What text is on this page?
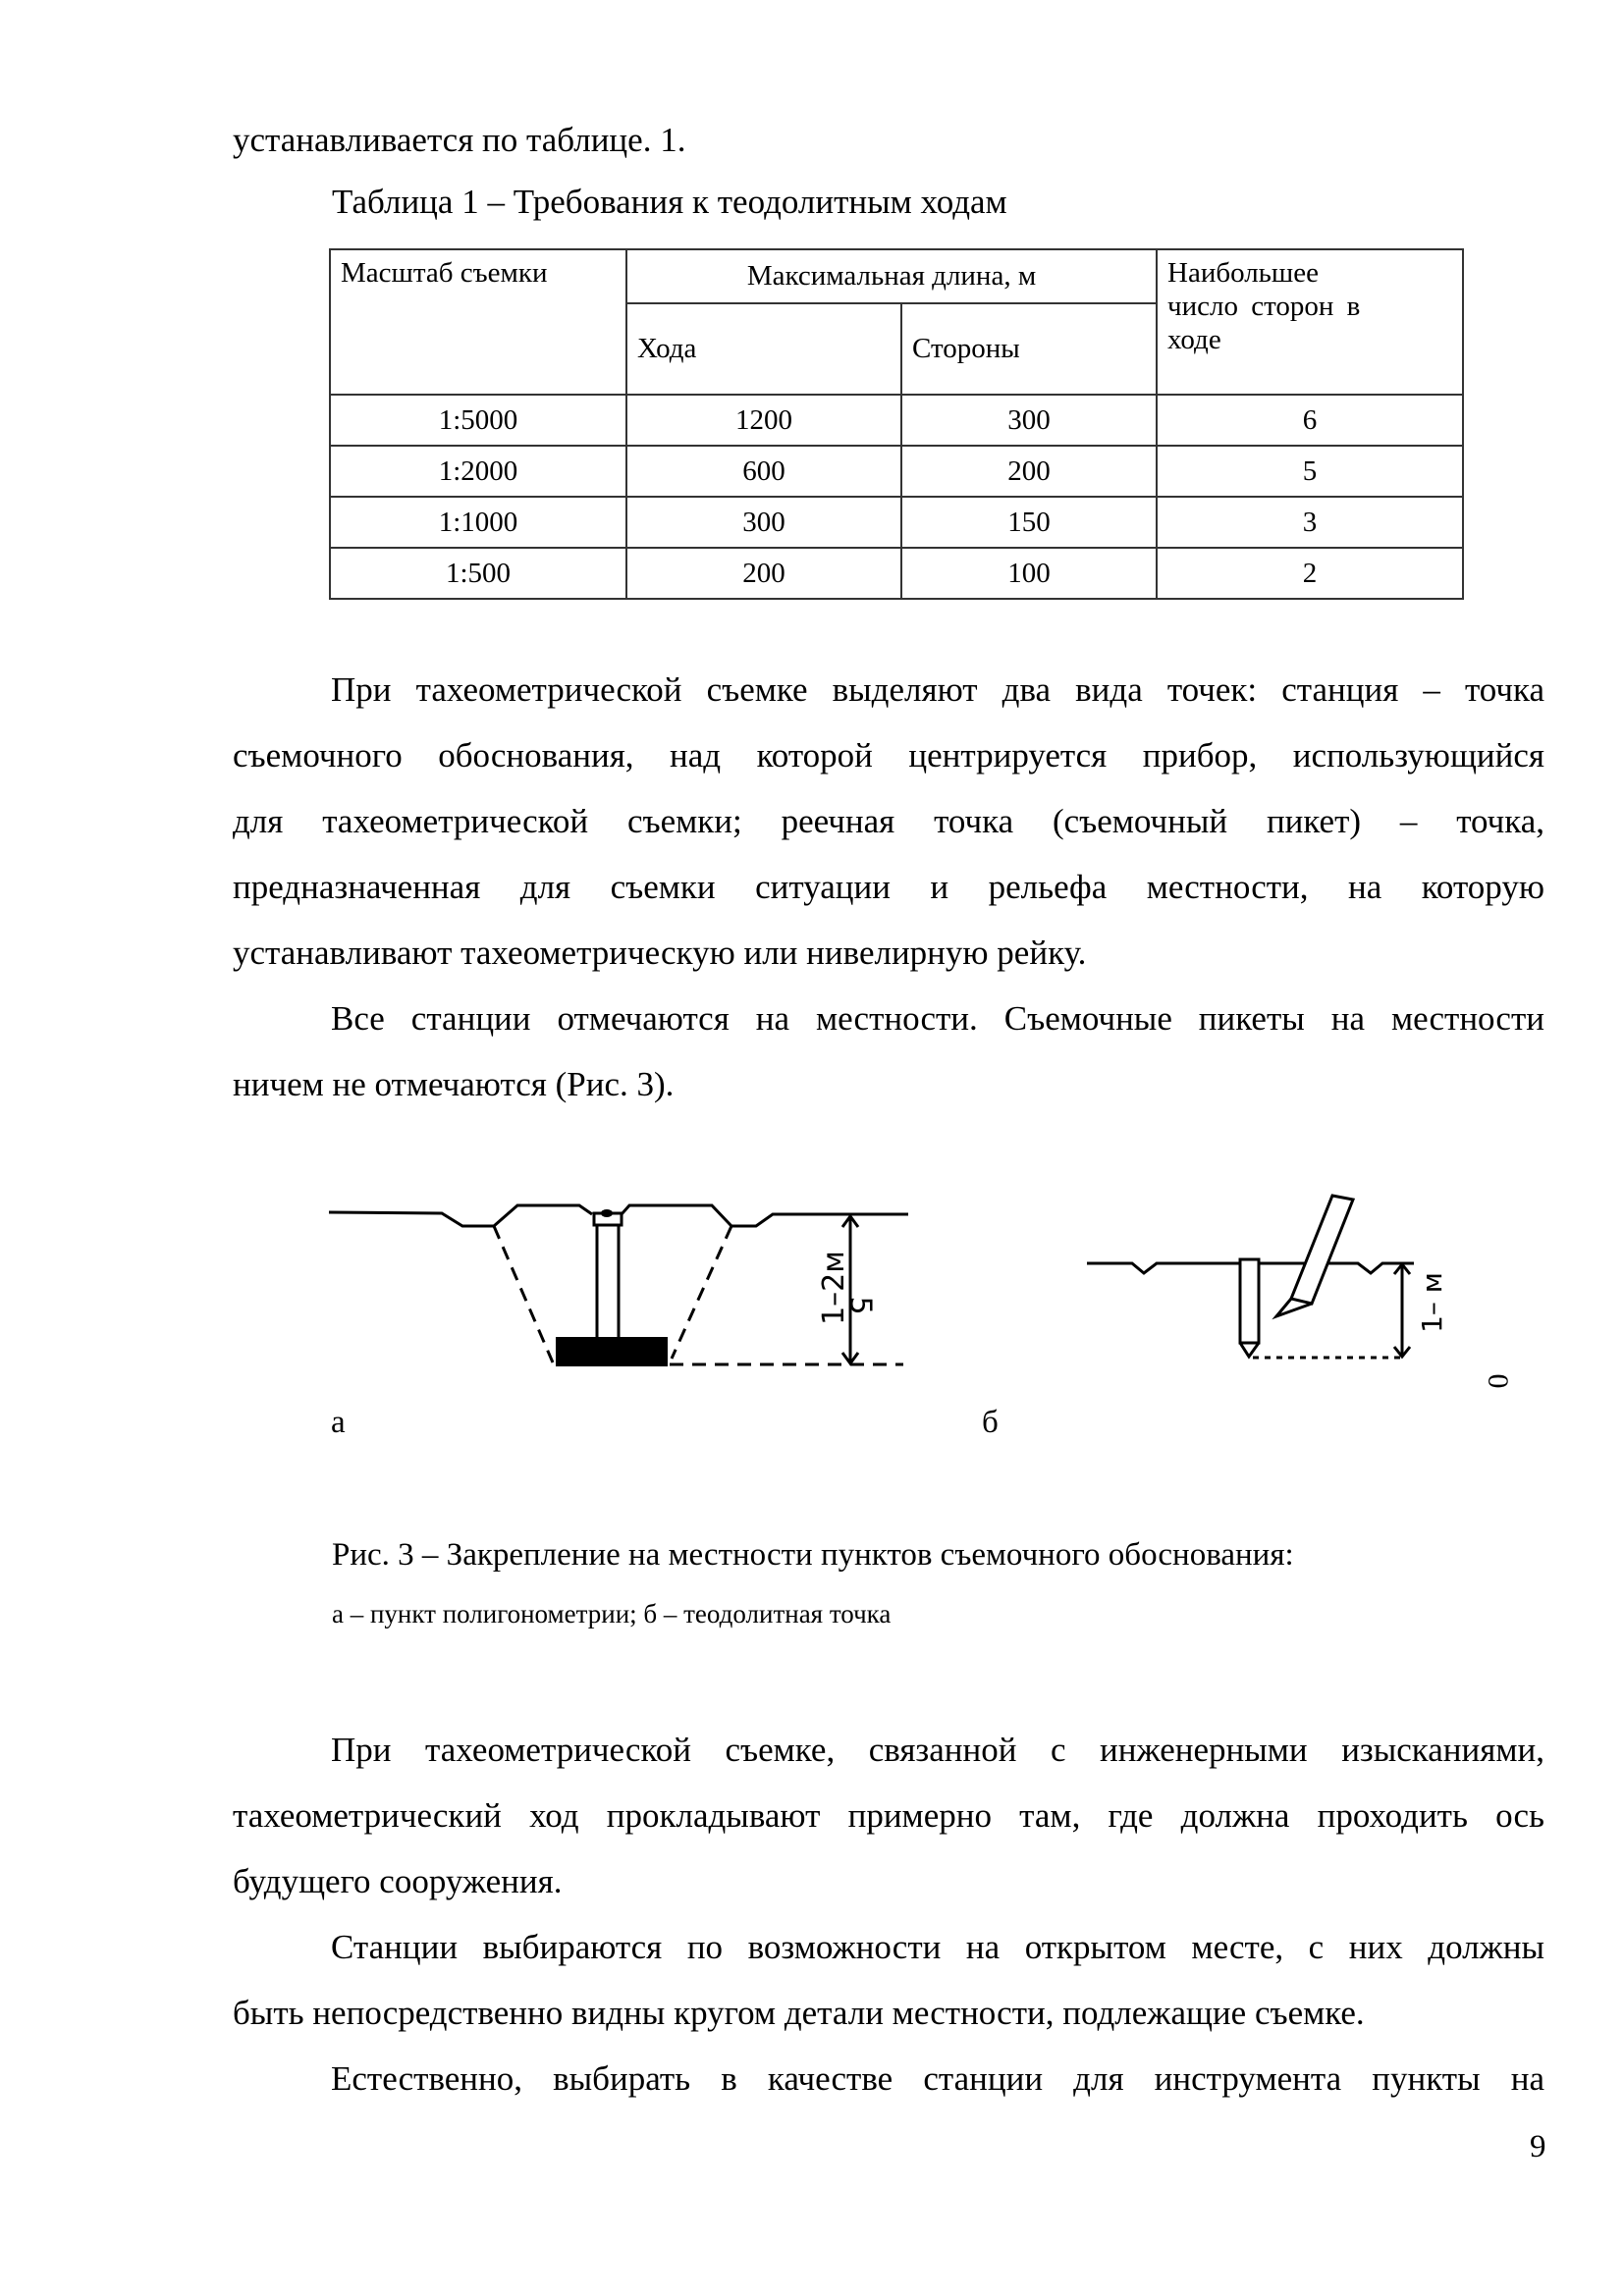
устанавливается по таблице. 1.
Таблица 1 – Требования к теодолитным ходам
Масштаб съемки	Максимальная длина, м		Наибольшее
число сторон в
ходе

	Хода	Стороны	
1:5000	1200	300	6
1:2000	600	200	5
1:1000	300	150	3
1:500	200	100	2
При тахеометрической съемке выделяют два вида точек: станция – точка
съемочного обоснования, над которой центрируется прибор, использующийся
для тахеометрической съемки; реечная точка (съемочный пикет) – точка,
предназначенная для съемки ситуации и рельефа местности, на которую
устанавливают тахеометрическую или нивелирную рейку.
Все станции отмечаются на местности. Съемочные пикеты на местности
ничем не отмечаются (Рис. 3).
1–2м
5	1– м
0
а	б
Рис. 3 – Закрепление на местности пунктов съемочного обоснования:
а – пункт полигонометрии; б – теодолитная точка
При тахеометрической съемке, связанной с инженерными изысканиями,
тахеометрический ход прокладывают примерно там, где должна проходить ось
будущего сооружения.
Станции выбираются по возможности на открытом месте, с них должны
быть непосредственно видны кругом детали местности, подлежащие съемке.
Естественно, выбирать в качестве станции для инструмента пункты на
9
